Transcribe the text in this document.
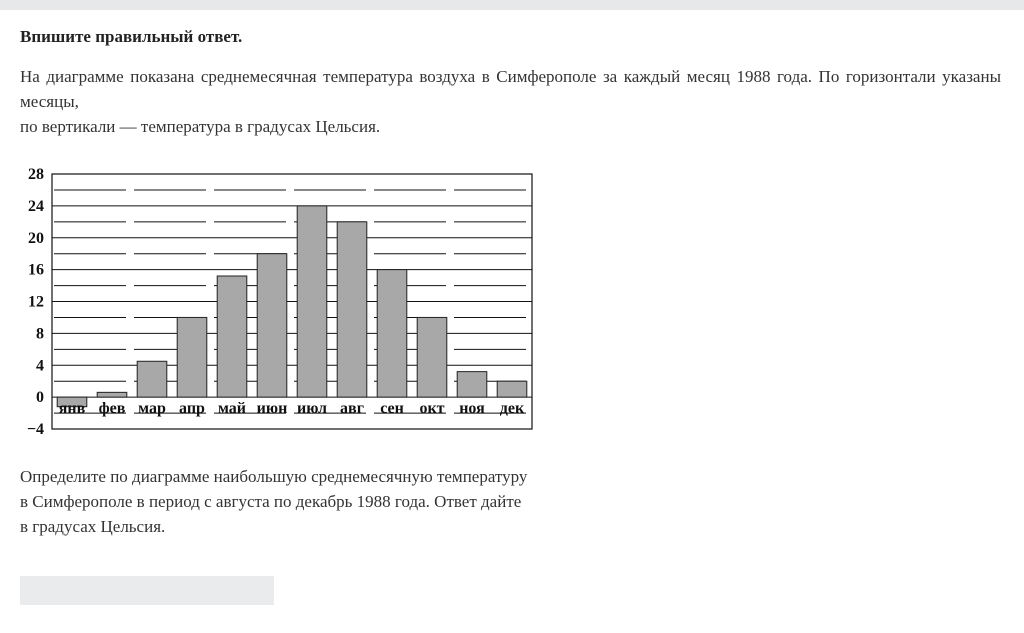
Впишите правильный ответ.
На диаграмме показана среднемесячная температура воздуха в Симферополе за каждый месяц 1988 года. По горизонтали указаны месяцы,
по вертикали — температура в градусах Цельсия.
−4
0
4
8
12
16
20
24
28
янв фев мар апр май июн июл авг сен окт ноя дек
Определите по диаграмме наибольшую среднемесячную температуру
в Симферополе в период с августа по декабрь 1988 года. Ответ дайте
в градусах Цельсия.
